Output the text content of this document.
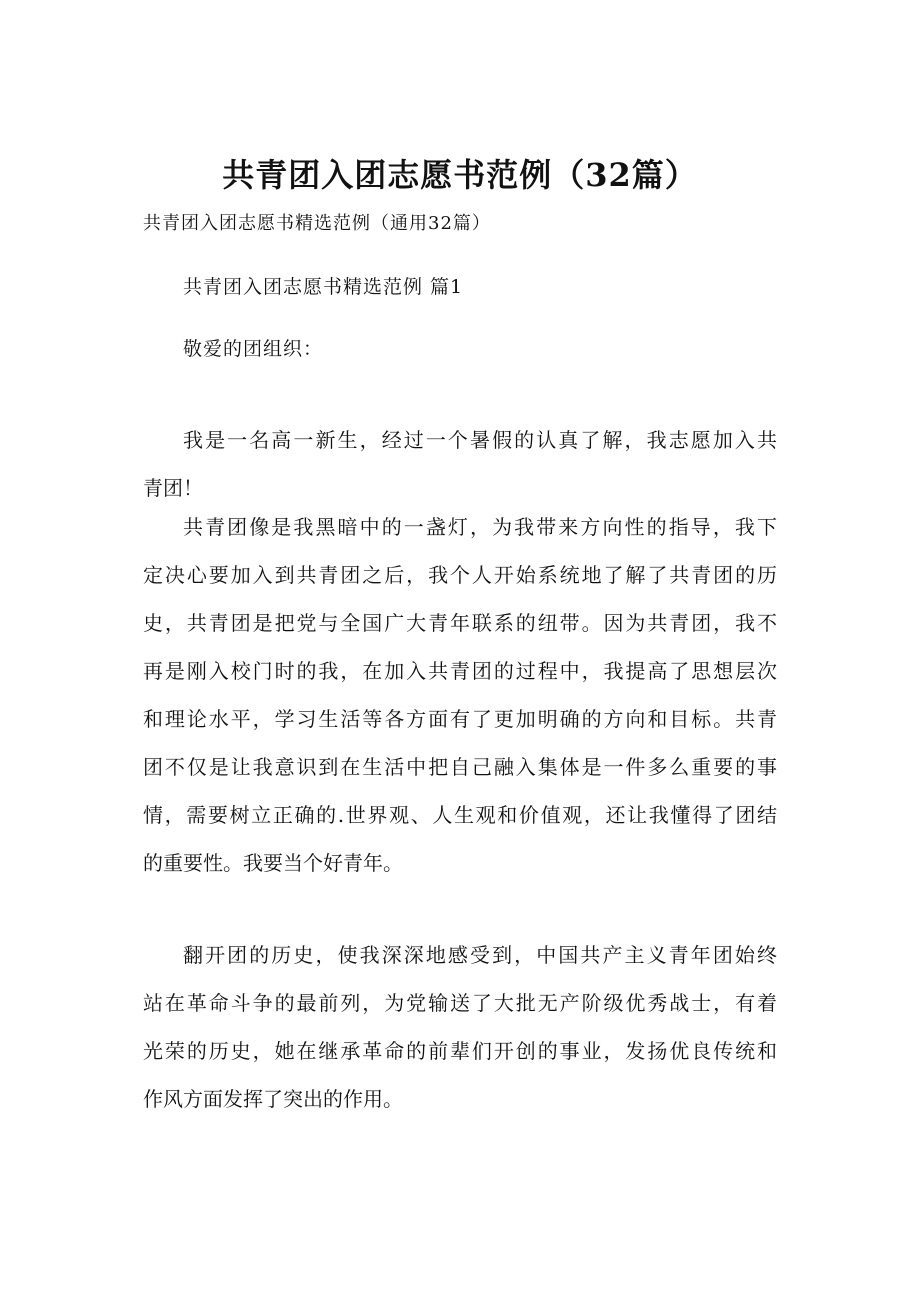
共青团入团志愿书范例（32篇）
共青团入团志愿书精选范例（通用32篇）
共青团入团志愿书精选范例 篇1
敬爱的团组织：
我是一名高一新生，经过一个暑假的认真了解，我志愿加入共
青团！
共青团像是我黑暗中的一盏灯，为我带来方向性的指导，我下
定决心要加入到共青团之后，我个人开始系统地了解了共青团的历
史，共青团是把党与全国广大青年联系的纽带。因为共青团，我不
再是刚入校门时的我，在加入共青团的过程中，我提高了思想层次
和理论水平，学习生活等各方面有了更加明确的方向和目标。共青
团不仅是让我意识到在生活中把自己融入集体是一件多么重要的事
情，需要树立正确的.世界观、人生观和价值观，还让我懂得了团结
的重要性。我要当个好青年。
翻开团的历史，使我深深地感受到，中国共产主义青年团始终
站在革命斗争的最前列，为党输送了大批无产阶级优秀战士，有着
光荣的历史，她在继承革命的前辈们开创的事业，发扬优良传统和
作风方面发挥了突出的作用。
